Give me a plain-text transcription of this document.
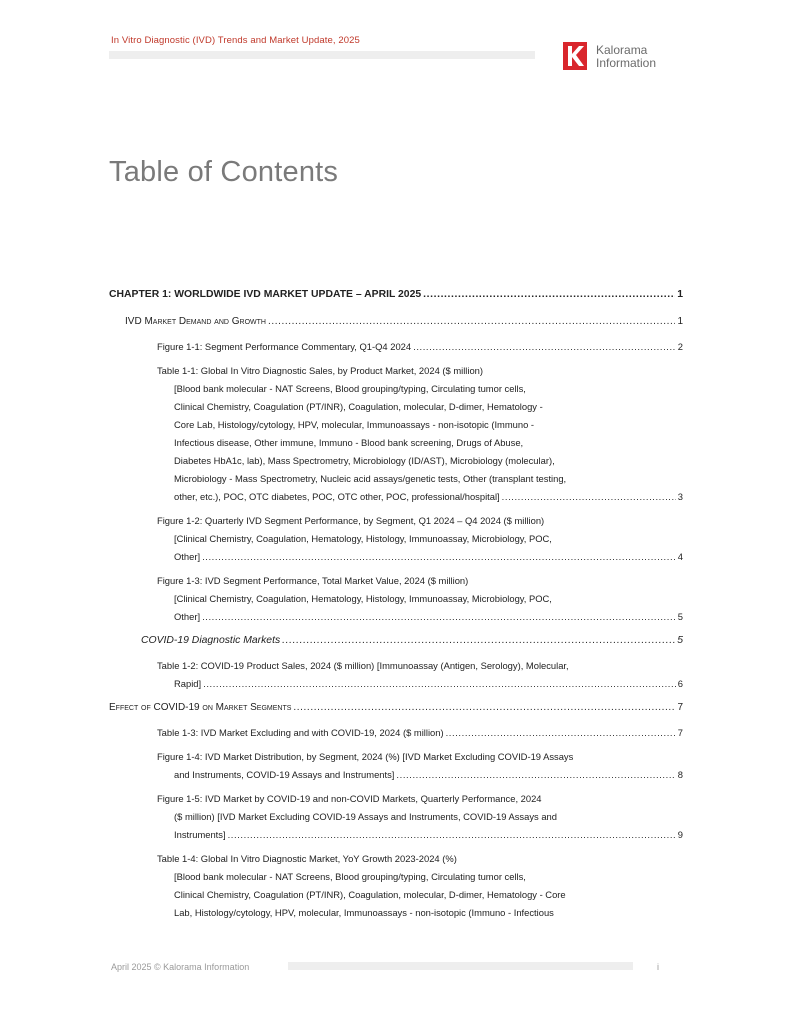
In Vitro Diagnostic (IVD) Trends and Market Update, 2025
Kalorama
Information
Table of Contents
CHAPTER 1: WORLDWIDE IVD MARKET UPDATE – APRIL 2025 .....	1
IVD Market Demand and Growth .....	1
Figure 1-1: Segment Performance Commentary, Q1-Q4 2024 .....	2
Table 1-1: Global In Vitro Diagnostic Sales, by Product Market, 2024 ($ million)
[Blood bank molecular - NAT Screens, Blood grouping/typing, Circulating tumor cells,
Clinical Chemistry, Coagulation (PT/INR), Coagulation, molecular, D-dimer, Hematology -
Core Lab, Histology/cytology, HPV, molecular, Immunoassays - non-isotopic (Immuno -
Infectious disease, Other immune, Immuno - Blood bank screening, Drugs of Abuse,
Diabetes HbA1c, lab), Mass Spectrometry, Microbiology (ID/AST), Microbiology (molecular),
Microbiology - Mass Spectrometry, Nucleic acid assays/genetic tests, Other (transplant testing,
other, etc.), POC, OTC diabetes, POC, OTC other, POC, professional/hospital] .....	3
Figure 1-2: Quarterly IVD Segment Performance, by Segment, Q1 2024 – Q4 2024 ($ million)
[Clinical Chemistry, Coagulation, Hematology, Histology, Immunoassay, Microbiology, POC,
Other] .....	4
Figure 1-3: IVD Segment Performance, Total Market Value, 2024 ($ million)
[Clinical Chemistry, Coagulation, Hematology, Histology, Immunoassay, Microbiology, POC,
Other] .....	5
COVID-19 Diagnostic Markets .....	5
Table 1-2: COVID-19 Product Sales, 2024 ($ million) [Immunoassay (Antigen, Serology), Molecular,
Rapid] .....	6
Effect of COVID-19 on Market Segments .....	7
Table 1-3: IVD Market Excluding and with COVID-19, 2024 ($ million) .....	7
Figure 1-4: IVD Market Distribution, by Segment, 2024 (%) [IVD Market Excluding COVID-19 Assays
and Instruments, COVID-19 Assays and Instruments] .....	8
Figure 1-5: IVD Market by COVID-19 and non-COVID Markets, Quarterly Performance, 2024
($ million) [IVD Market Excluding COVID-19 Assays and Instruments, COVID-19 Assays and
Instruments] .....	9
Table 1-4: Global In Vitro Diagnostic Market, YoY Growth 2023-2024 (%)
[Blood bank molecular - NAT Screens, Blood grouping/typing, Circulating tumor cells,
Clinical Chemistry, Coagulation (PT/INR), Coagulation, molecular, D-dimer, Hematology - Core
Lab, Histology/cytology, HPV, molecular, Immunoassays - non-isotopic (Immuno - Infectious
April 2025 © Kalorama Information	i
